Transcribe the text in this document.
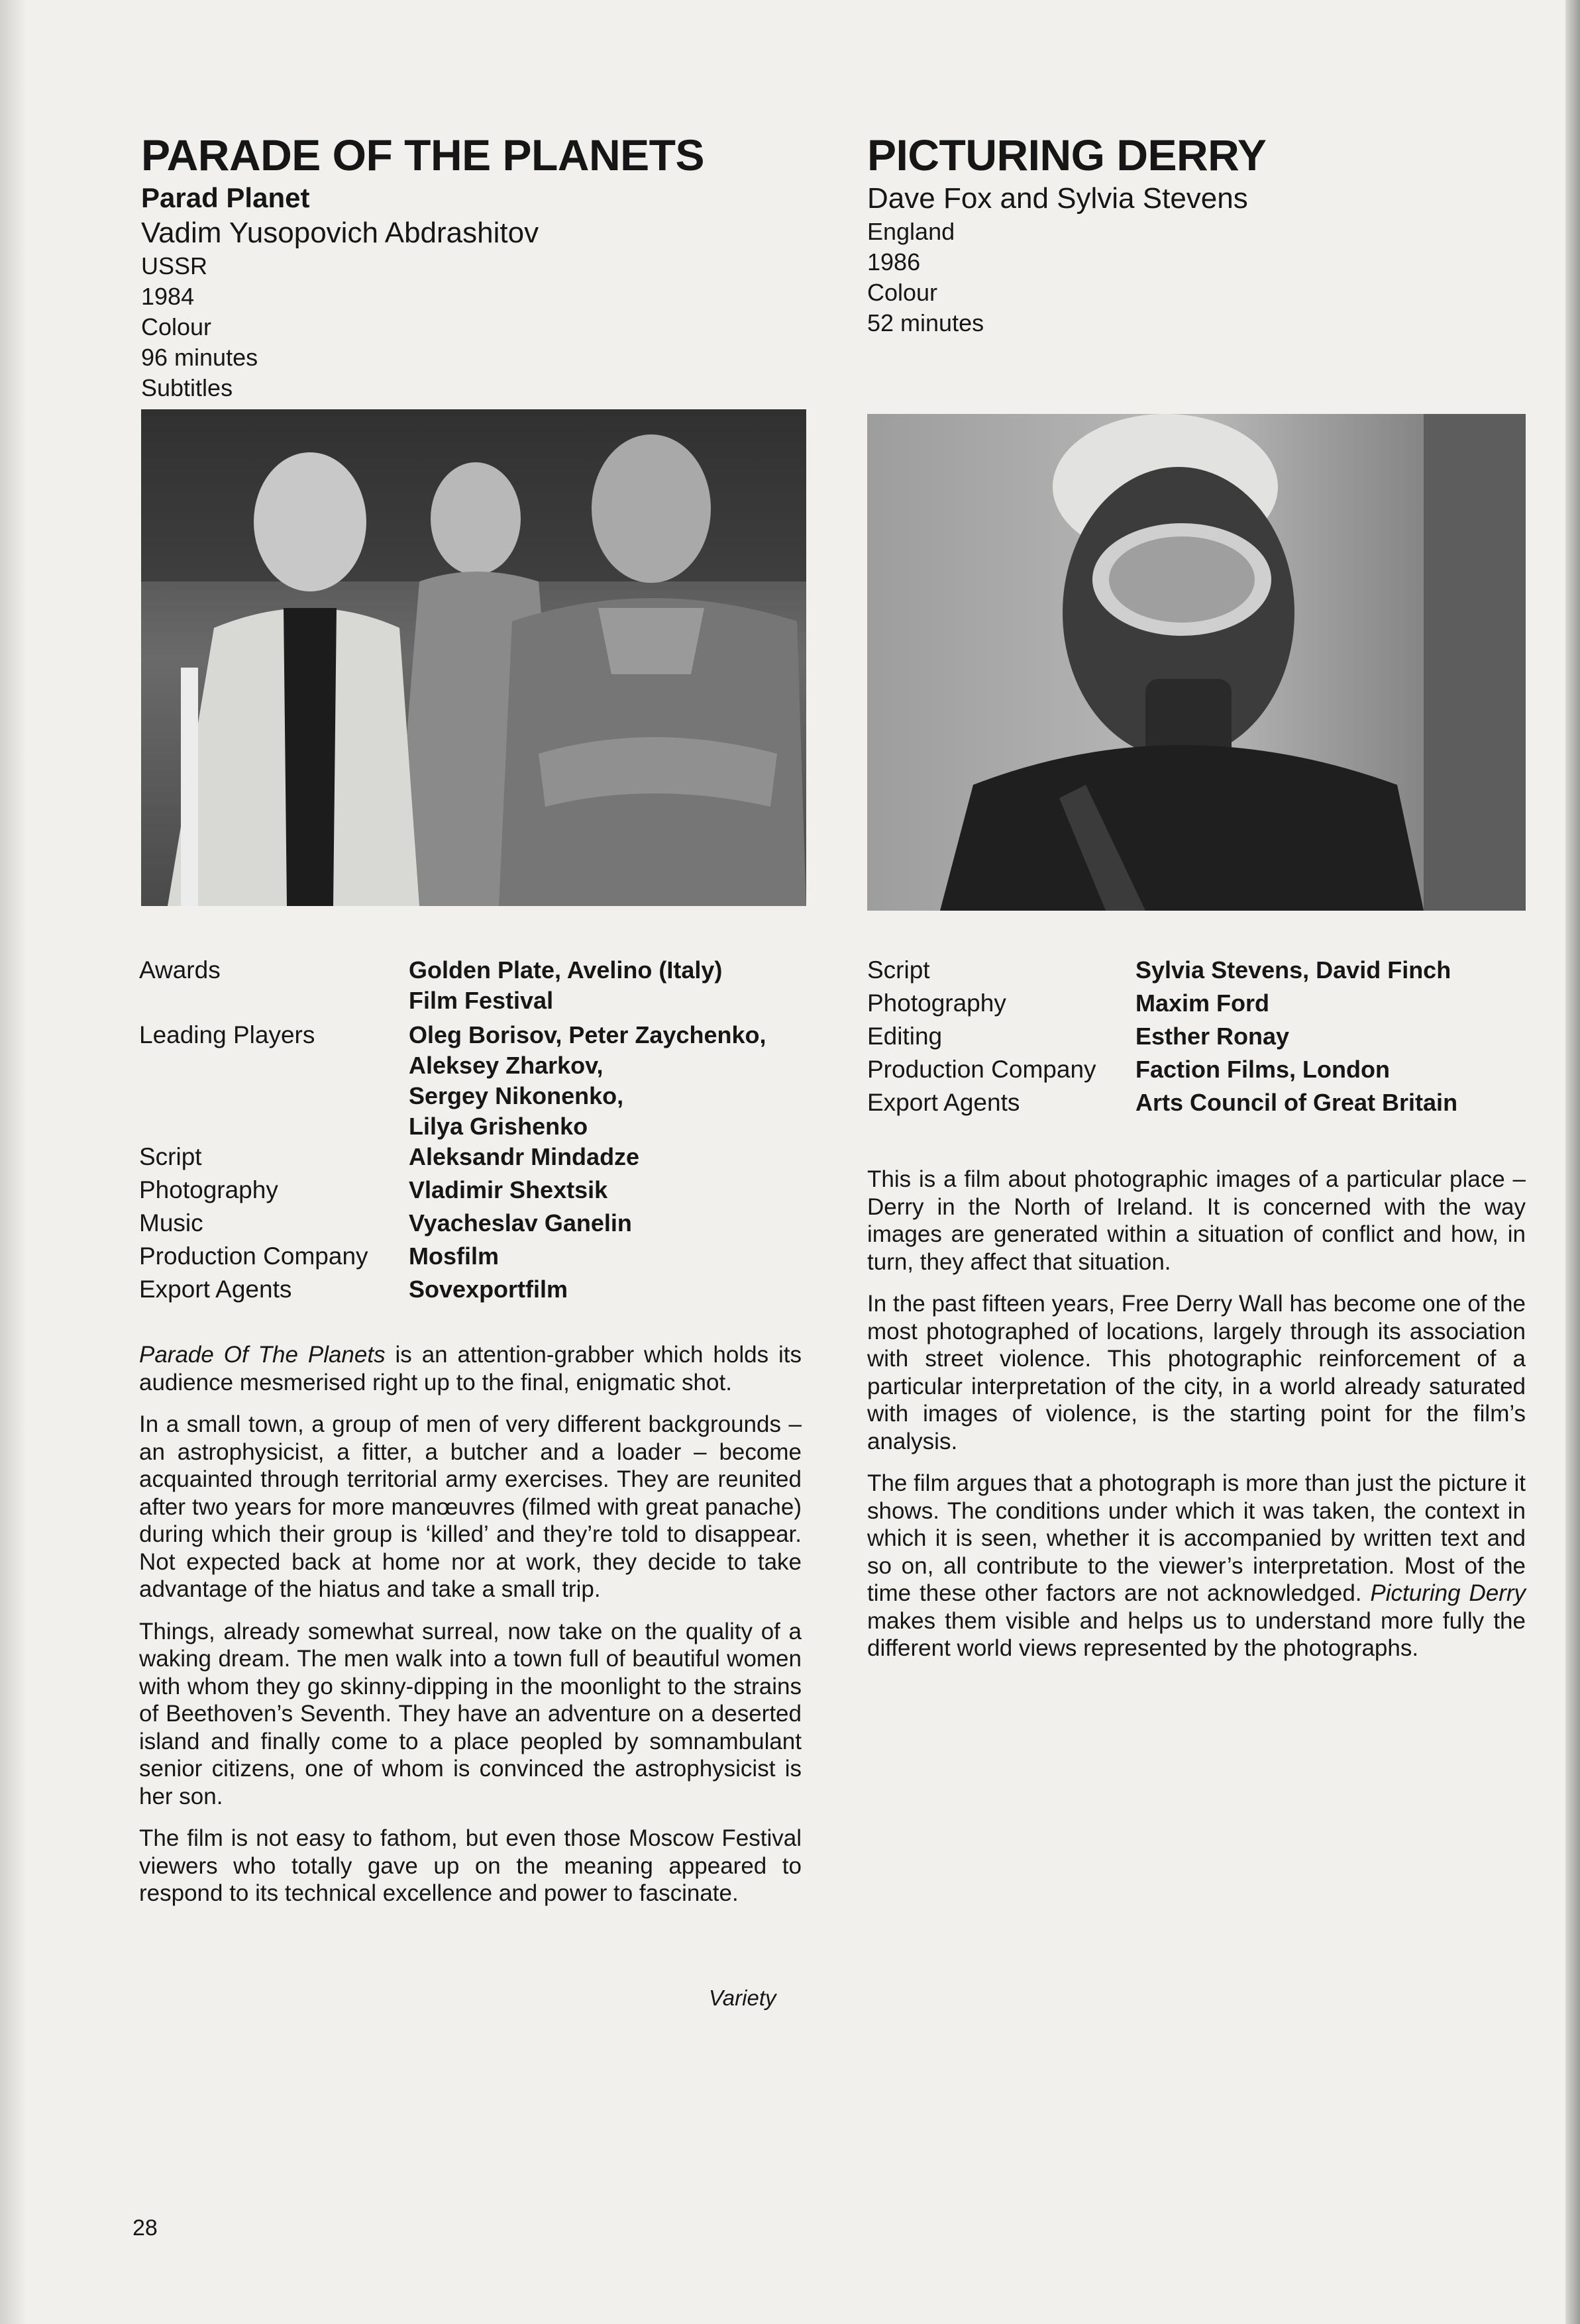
PARADE OF THE PLANETS
Parad Planet
Vadim Yusopovich Abdrashitov
USSR
1984
Colour
96 minutes
Subtitles
PICTURING DERRY
Dave Fox and Sylvia Stevens
England
1986
Colour
52 minutes
Awards	Golden Plate, Avelino (Italy)
Film Festival
Leading Players	Oleg Borisov, Peter Zaychenko,
Aleksey Zharkov,
Sergey Nikonenko,
Lilya Grishenko
Script	Aleksandr Mindadze
Photography	Vladimir Shextsik
Music	Vyacheslav Ganelin
Production Company	Mosfilm
Export Agents	Sovexportfilm
Script	Sylvia Stevens, David Finch
Photography	Maxim Ford
Editing	Esther Ronay
Production Company	Faction Films, London
Export Agents	Arts Council of Great Britain

Parade Of The Planets is an attention-grabber which holds its audience mesmerised right up to the final, enigmatic shot.

In a small town, a group of men of very different backgrounds – an astrophysicist, a fitter, a butcher and a loader – become acquainted through territorial army exercises. They are reunited after two years for more manœuvres (filmed with great panache) during which their group is ‘killed’ and they’re told to disappear. Not expected back at home nor at work, they decide to take advantage of the hiatus and take a small trip.

Things, already somewhat surreal, now take on the quality of a waking dream. The men walk into a town full of beautiful women with whom they go skinny-dipping in the moonlight to the strains of Beethoven’s Seventh. They have an adventure on a deserted island and finally come to a place peopled by somnambulant senior citizens, one of whom is convinced the astrophysicist is her son.

The film is not easy to fathom, but even those Moscow Festival viewers who totally gave up on the meaning appeared to respond to its technical excellence and power to fascinate.

Variety

This is a film about photographic images of a particular place – Derry in the North of Ireland. It is concerned with the way images are generated within a situation of conflict and how, in turn, they affect that situation.

In the past fifteen years, Free Derry Wall has become one of the most photographed of locations, largely through its association with street violence. This photographic reinforcement of a particular interpretation of the city, in a world already saturated with images of violence, is the starting point for the film’s analysis.

The film argues that a photograph is more than just the picture it shows. The conditions under which it was taken, the context in which it is seen, whether it is accompanied by written text and so on, all contribute to the viewer’s interpretation. Most of the time these other factors are not acknowledged. Picturing Derry makes them visible and helps us to understand more fully the different world views represented by the photographs.

28
